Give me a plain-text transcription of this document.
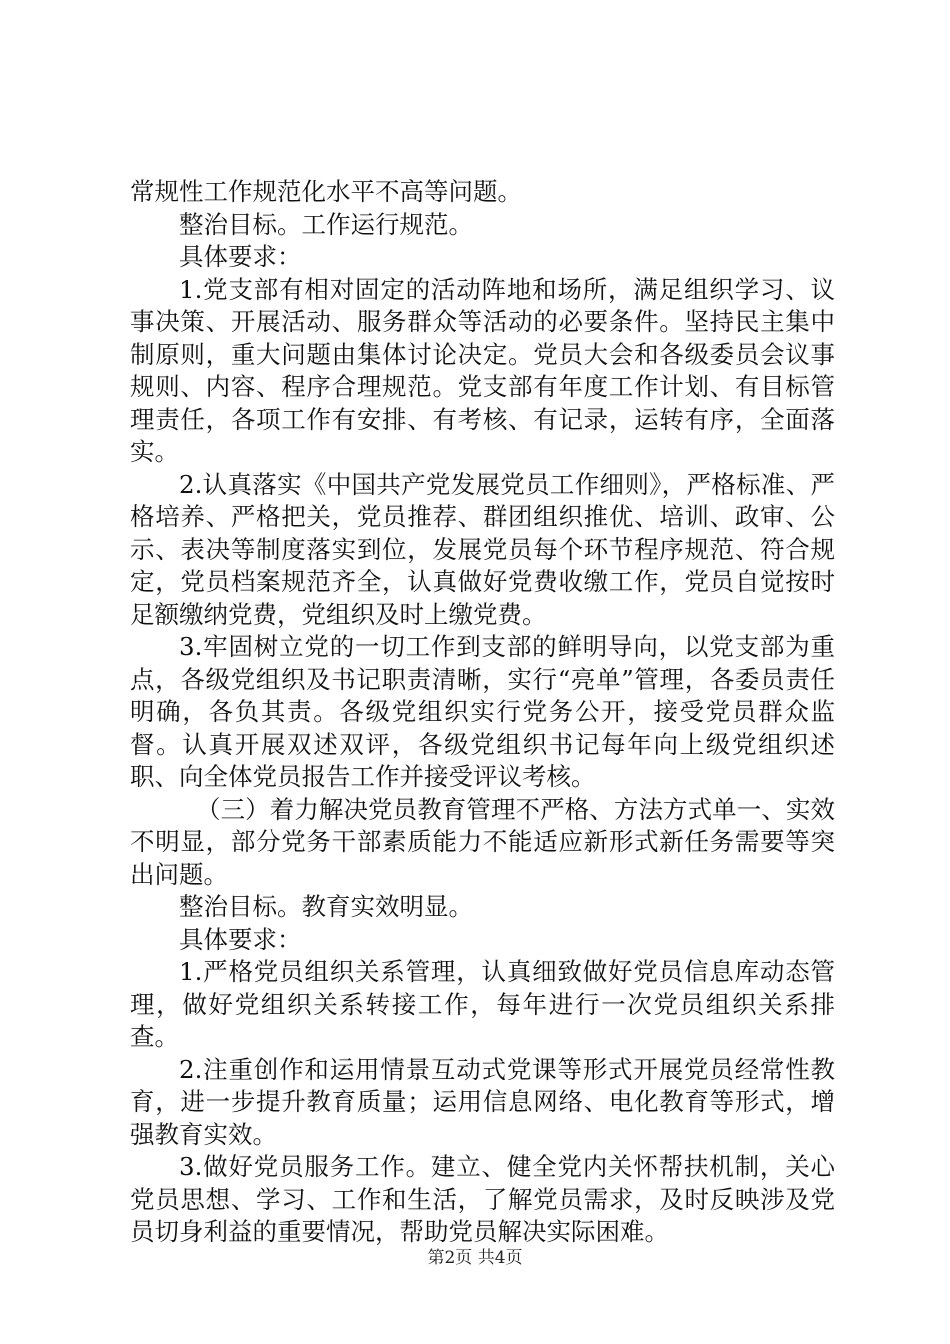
常规性工作规范化水平不高等问题。

整治目标。工作运行规范。

具体要求：

1.党支部有相对固定的活动阵地和场所，满足组织学习、议事决策、开展活动、服务群众等活动的必要条件。坚持民主集中制原则，重大问题由集体讨论决定。党员大会和各级委员会议事规则、内容、程序合理规范。党支部有年度工作计划、有目标管理责任，各项工作有安排、有考核、有记录，运转有序，全面落实。

2.认真落实《中国共产党发展党员工作细则》，严格标准、严格培养、严格把关，党员推荐、群团组织推优、培训、政审、公示、表决等制度落实到位，发展党员每个环节程序规范、符合规定，党员档案规范齐全，认真做好党费收缴工作，党员自觉按时足额缴纳党费，党组织及时上缴党费。

3.牢固树立党的一切工作到支部的鲜明导向，以党支部为重点，各级党组织及书记职责清晰，实行“亮单”管理，各委员责任明确，各负其责。各级党组织实行党务公开，接受党员群众监督。认真开展双述双评，各级党组织书记每年向上级党组织述职、向全体党员报告工作并接受评议考核。

（三）着力解决党员教育管理不严格、方法方式单一、实效不明显，部分党务干部素质能力不能适应新形式新任务需要等突出问题。

整治目标。教育实效明显。

具体要求：

1.严格党员组织关系管理，认真细致做好党员信息库动态管理，做好党组织关系转接工作，每年进行一次党员组织关系排查。

2.注重创作和运用情景互动式党课等形式开展党员经常性教育，进一步提升教育质量；运用信息网络、电化教育等形式，增强教育实效。

3.做好党员服务工作。建立、健全党内关怀帮扶机制，关心党员思想、学习、工作和生活，了解党员需求，及时反映涉及党员切身利益的重要情况，帮助党员解决实际困难。

第2页 共4页
